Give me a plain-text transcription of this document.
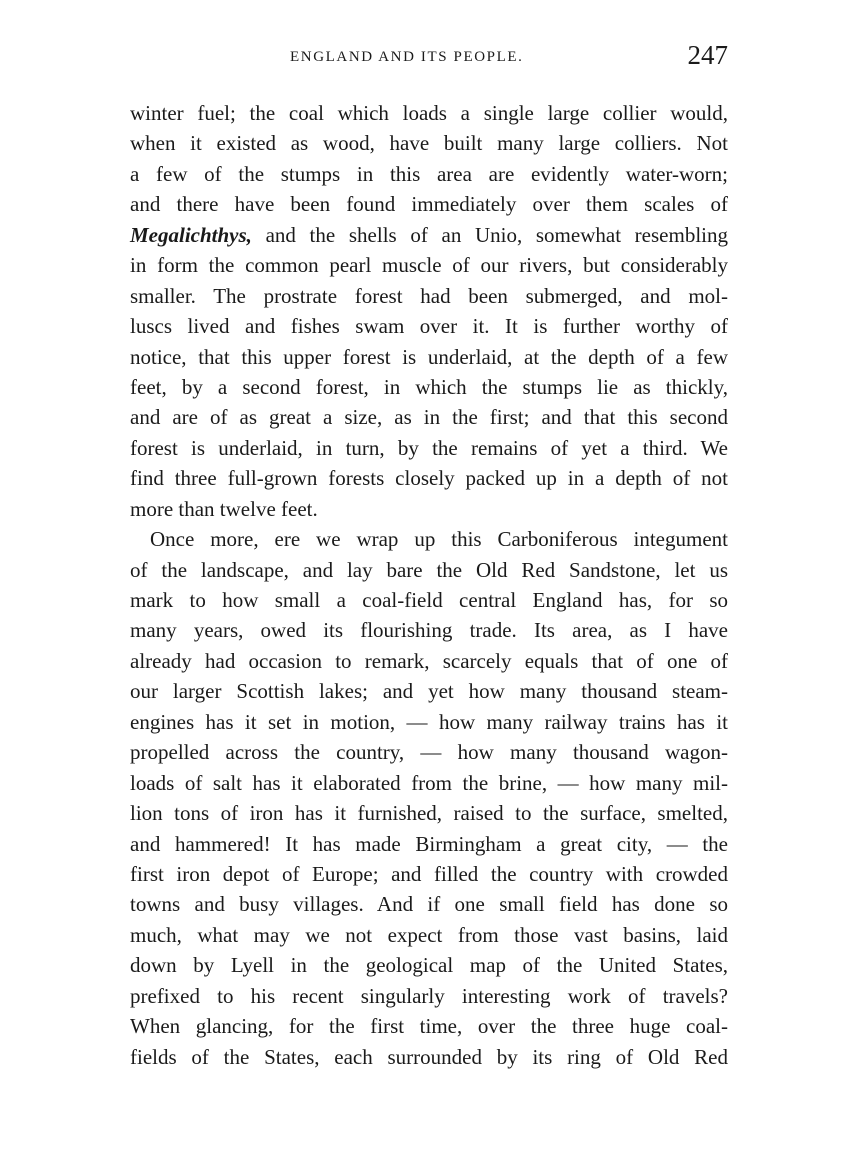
ENGLAND AND ITS PEOPLE.	247
winter fuel; the coal which loads a single large collier would,
when it existed as wood, have built many large colliers. Not
a few of the stumps in this area are evidently water-worn;
and there have been found immediately over them scales of
Megalichthys, and the shells of an Unio, somewhat resembling
in form the common pearl muscle of our rivers, but considerably
smaller. The prostrate forest had been submerged, and mol-
luscs lived and fishes swam over it. It is further worthy of
notice, that this upper forest is underlaid, at the depth of a few
feet, by a second forest, in which the stumps lie as thickly,
and are of as great a size, as in the first; and that this second
forest is underlaid, in turn, by the remains of yet a third. We
find three full-grown forests closely packed up in a depth of not
more than twelve feet.
Once more, ere we wrap up this Carboniferous integument
of the landscape, and lay bare the Old Red Sandstone, let us
mark to how small a coal-field central England has, for so
many years, owed its flourishing trade. Its area, as I have
already had occasion to remark, scarcely equals that of one of
our larger Scottish lakes; and yet how many thousand steam-
engines has it set in motion, — how many railway trains has it
propelled across the country, — how many thousand wagon-
loads of salt has it elaborated from the brine, — how many mil-
lion tons of iron has it furnished, raised to the surface, smelted,
and hammered! It has made Birmingham a great city, — the
first iron depot of Europe; and filled the country with crowded
towns and busy villages. And if one small field has done so
much, what may we not expect from those vast basins, laid
down by Lyell in the geological map of the United States,
prefixed to his recent singularly interesting work of travels?
When glancing, for the first time, over the three huge coal-
fields of the States, each surrounded by its ring of Old Red
